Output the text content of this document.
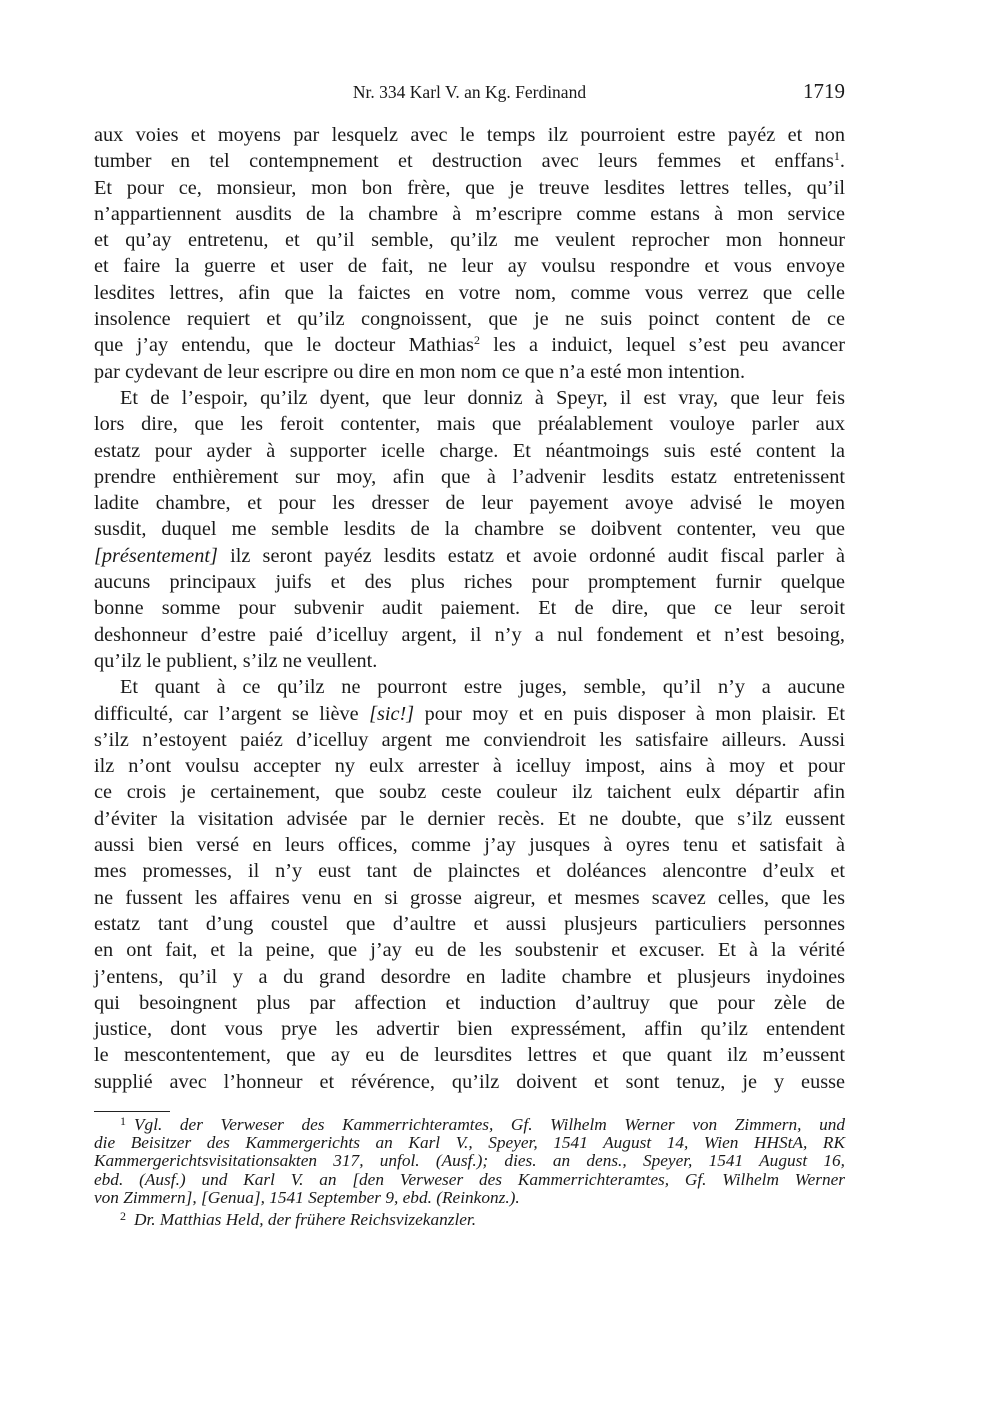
Nr. 334 Karl V. an Kg. Ferdinand	1719
aux voies et moyens par lesquelz avec le temps ilz pourroient estre payéz et non
tumber en tel contempnement et destruction avec leurs femmes et enffans$^1$.
Et pour ce, monsieur, mon bon frère, que je treuve lesdites lettres telles, qu’il
n’appartiennent ausdits de la chambre à m’escripre comme estans à mon service
et qu’ay entretenu, et qu’il semble, qu’ilz me veulent reprocher mon honneur
et faire la guerre et user de fait, ne leur ay voulsu respondre et vous envoye
lesdites lettres, afin que la faictes en votre nom, comme vous verrez que celle
insolence requiert et qu’ilz congnoissent, que je ne suis poinct content de ce
que j’ay entendu, que le docteur Mathias$^2$ les a induict, lequel s’est peu avancer
par cydevant de leur escripre ou dire en mon nom ce que n’a esté mon intention.
Et de l’espoir, qu’ilz dyent, que leur donniz à Speyr, il est vray, que leur feis
lors dire, que les feroit contenter, mais que préalablement vouloye parler aux
estatz pour ayder à supporter icelle charge. Et néantmoings suis esté content la
prendre enthièrement sur moy, afin que à l’advenir lesdits estatz entretenissent
ladite chambre, et pour les dresser de leur payement avoye advisé le moyen
susdit, duquel me semble lesdits de la chambre se doibvent contenter, veu que
[présentement] ilz seront payéz lesdits estatz et avoie ordonné audit fiscal parler à
aucuns principaux juifs et des plus riches pour promptement furnir quelque
bonne somme pour subvenir audit paiement. Et de dire, que ce leur seroit
deshonneur d’estre paié d’icelluy argent, il n’y a nul fondement et n’est besoing,
qu’ilz le publient, s’ilz ne veullent.
Et quant à ce qu’ilz ne pourront estre juges, semble, qu’il n’y a aucune
difficulté, car l’argent se liève [sic!] pour moy et en puis disposer à mon plaisir. Et
s’ilz n’estoyent paiéz d’icelluy argent me conviendroit les satisfaire ailleurs. Aussi
ilz n’ont voulsu accepter ny eulx arrester à icelluy impost, ains à moy et pour
ce crois je certainement, que soubz ceste couleur ilz taichent eulx départir afin
d’éviter la visitation advisée par le dernier recès. Et ne doubte, que s’ilz eussent
aussi bien versé en leurs offices, comme j’ay jusques à oyres tenu et satisfait à
mes promesses, il n’y eust tant de plainctes et doléances alencontre d’eulx et
ne fussent les affaires venu en si grosse aigreur, et mesmes scavez celles, que les
estatz tant d’ung coustel que d’aultre et aussi plusjeurs particuliers personnes
en ont fait, et la peine, que j’ay eu de les soubstenir et excuser. Et à la vérité
j’entens, qu’il y a du grand desordre en ladite chambre et plusjeurs inydoines
qui besoingnent plus par affection et induction d’aultruy que pour zèle de
justice, dont vous prye les advertir bien expressément, affin qu’ilz entendent
le mescontentement, que ay eu de leursdites lettres et que quant ilz m’eussent
supplié avec l’honneur et révérence, qu’ilz doivent et sont tenuz, je y eusse
$^1$ Vgl. der Verweser des Kammerrichteramtes, Gf. Wilhelm Werner von Zimmern, und
die Beisitzer des Kammergerichts an Karl V., Speyer, 1541 August 14, Wien HHStA, RK
Kammergerichtsvisitationsakten 317, unfol. (Ausf.); dies. an dens., Speyer, 1541 August 16,
ebd. (Ausf.) und Karl V. an [den Verweser des Kammerrichteramtes, Gf. Wilhelm Werner
von Zimmern], [Genua], 1541 September 9, ebd. (Reinkonz.).
$^2$ Dr. Matthias Held, der frühere Reichsvizekanzler.
